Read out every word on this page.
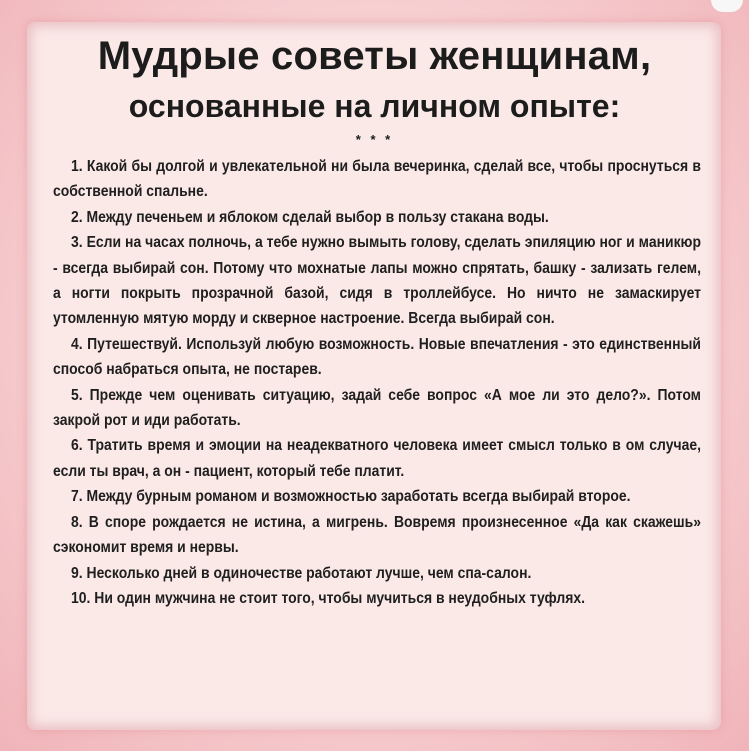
Мудрые советы женщинам,
основанные на личном опыте:
* * *

1. Какой бы долгой и увлекательной ни была вечеринка, сделай все, чтобы проснуться в собственной спальне.

2. Между печеньем и яблоком сделай выбор в пользу стакана воды.

3. Если на часах полночь, а тебе нужно вымыть голову, сделать эпиляцию ног и маникюр - всегда выбирай сон. Потому что мохнатые лапы можно спрятать, башку - зализать гелем, а ногти покрыть прозрачной базой, сидя в троллейбусе. Но ничто не замаскирует утомленную мятую морду и скверное настроение. Всегда выбирай сон.

4. Путешествуй. Используй любую возможность. Новые впечатления - это единственный способ набраться опыта, не постарев.

5. Прежде чем оценивать ситуацию, задай себе вопрос «А мое ли это дело?». Потом закрой рот и иди работать.

6. Тратить время и эмоции на неадекватного человека имеет смысл только в ом случае, если ты врач, а он - пациент, который тебе платит.

7. Между бурным романом и возможностью заработать всегда выбирай второе.

8. В споре рождается не истина, а мигрень. Вовремя произнесенное «Да как скажешь» сэкономит время и нервы.

9. Несколько дней в одиночестве работают лучше, чем спа-салон.

10. Ни один мужчина не стоит того, чтобы мучиться в неудобных туфлях.
